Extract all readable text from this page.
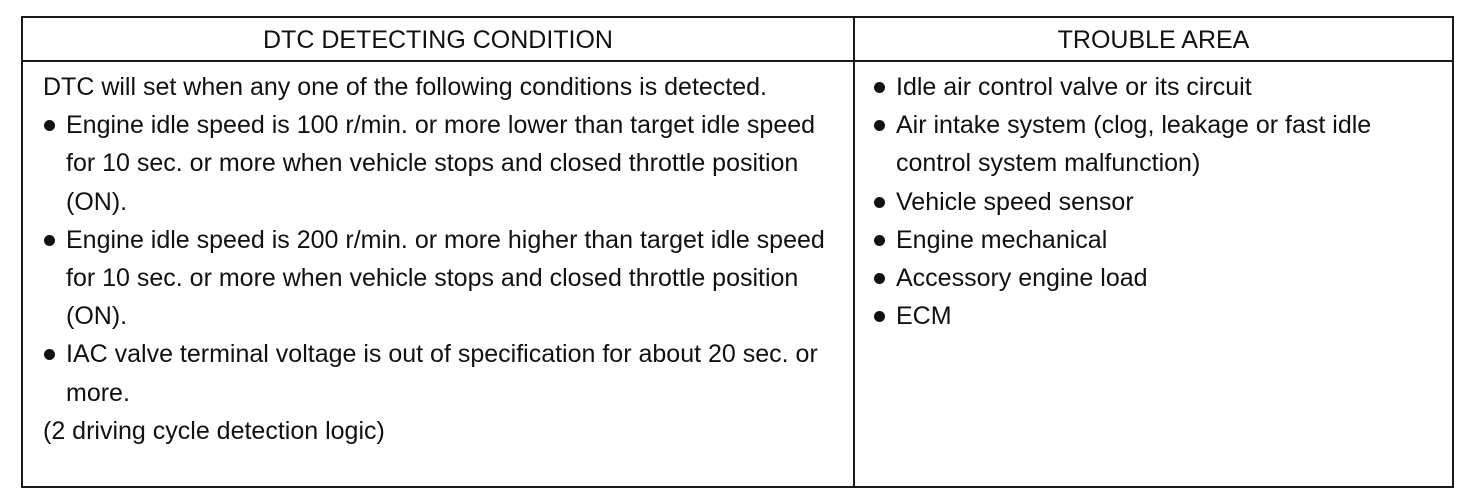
DTC DETECTING CONDITION	TROUBLE AREA

DTC will set when any one of the following conditions is detected.

Engine idle speed is 100 r/min. or more lower than target idle speed for 10 sec. or more when vehicle stops and closed throttle position (ON).

Engine idle speed is 200 r/min. or more higher than target idle speed for 10 sec. or more when vehicle stops and closed throttle position (ON).

IAC valve terminal voltage is out of specification for about 20 sec. or more.

(2 driving cycle detection logic)

Idle air control valve or its circuit

Air intake system (clog, leakage or fast idle control system malfunction)

Vehicle speed sensor

Engine mechanical

Accessory engine load

ECM
